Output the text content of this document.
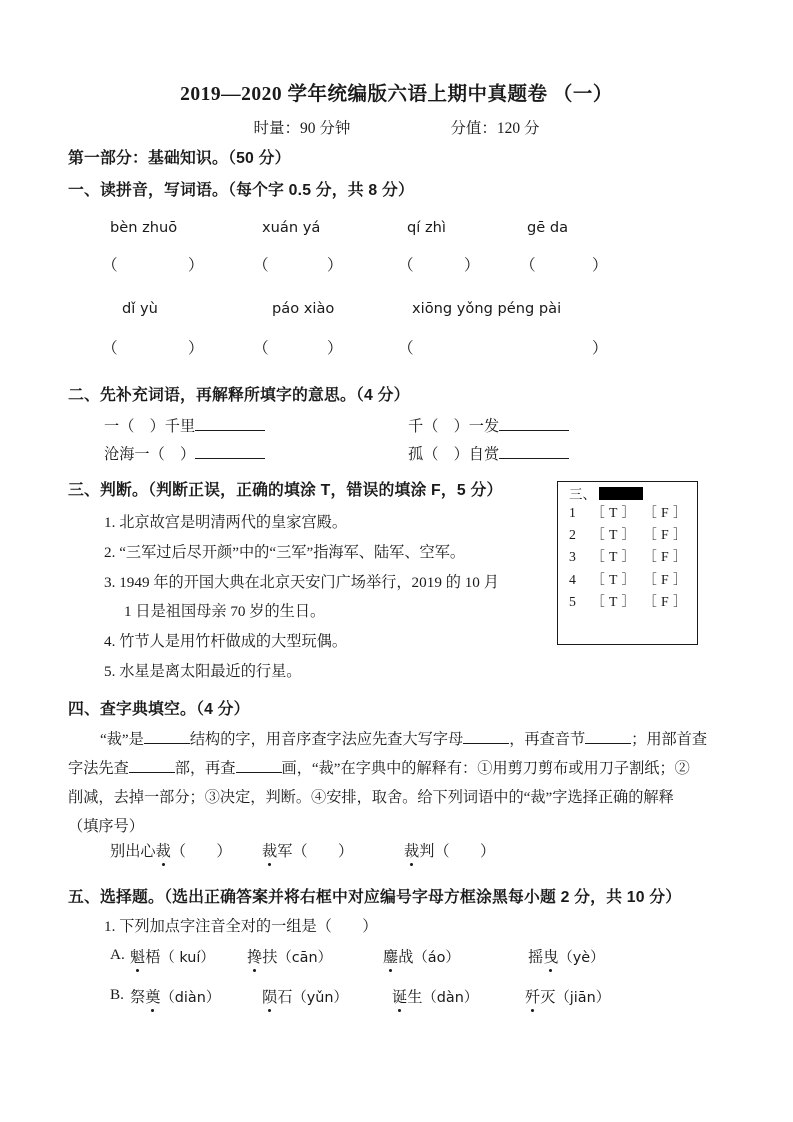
2019—2020 学年统编版六语上期中真题卷 （一）
时量：90 分钟	分值：120 分
第一部分：基础知识。（50 分）
一、读拼音，写词语。（每个字 0.5 分，共 8 分）
bèn zhuō	xuán yá	qí zhì	gē da
（	）	（	）	（	）	（	）
dǐ yù	páo xiào	xiōng yǒng péng pài
（	）	（	）	（	）
二、先补充词语，再解释所填字的意思。（4 分）
一（　）千里	千（　）一发
沧海一（　）	孤（　）自赏
三、判断。（判断正误，正确的填涂 T，错误的填涂 F，5 分）
1. 北京故宫是明清两代的皇家宫殿。
2. “三军过后尽开颜”中的“三军”指海军、陆军、空军。
3. 1949 年的开国大典在北京天安门广场举行，2019 的 10 月
1 日是祖国母亲 70 岁的生日。
4. 竹节人是用竹杆做成的大型玩偶。
5. 水星是离太阳最近的行星。
三、
1 ［ T ］ ［ F ］
2 ［ T ］ ［ F ］
3 ［ T ］ ［ F ］
4 ［ T ］ ［ F ］
5 ［ T ］ ［ F ］
四、查字典填空。（4 分）
“裁”是	结构的字，用音序查字法应先查大写字母	，再查音节	；用部首查
字法先查	部，再查	画，“裁”在字典中的解释有：①用剪刀剪布或用刀子割纸；②
削减，去掉一部分；③决定，判断。④安排，取舍。给下列词语中的“裁”字选择正确的解释
（填序号）
别出心裁（　　） 裁军（　　）	裁判（　　）
五、选择题。（选出正确答案并将右框中对应编号字母方框涂黑每小题 2 分，共 10 分）
1. 下列加点字注音全对的一组是（　　）
A. 魁梧（ kuí） 搀扶（cān）	鏖战（áo）	摇曳（yè）
B. 祭奠（diàn）	陨石（yǔn）	诞生（dàn）	歼灭（jiān）
